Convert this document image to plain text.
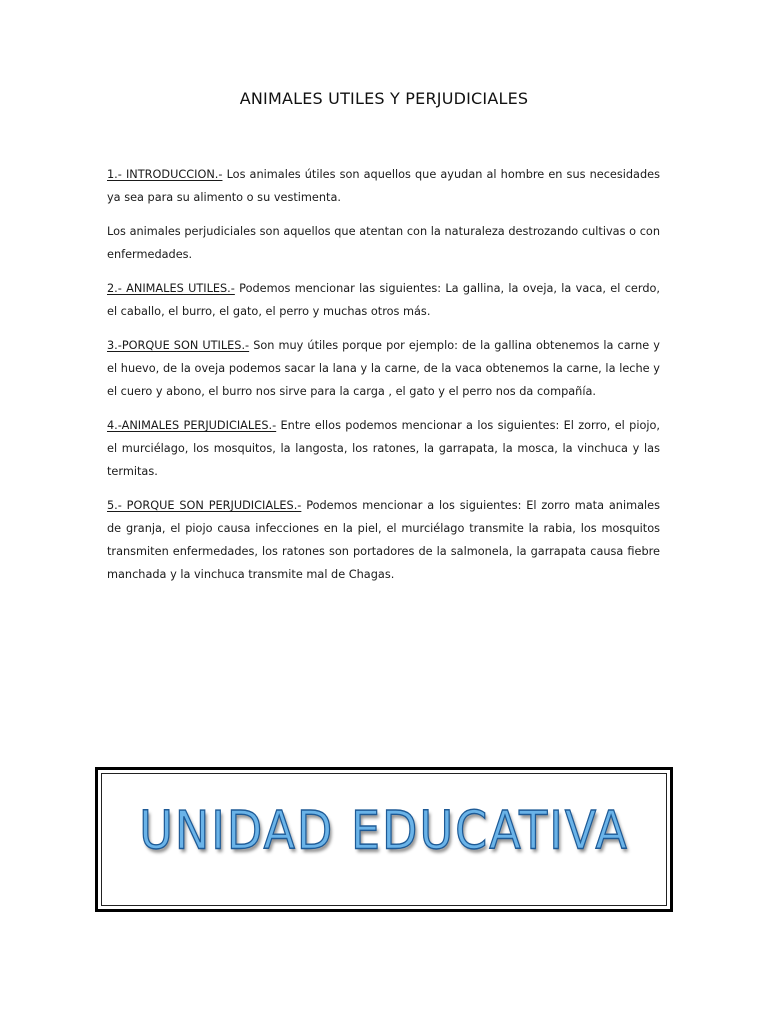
ANIMALES UTILES Y PERJUDICIALES

1.- INTRODUCCION.- Los animales útiles son aquellos que ayudan al hombre en sus necesidades ya sea para su alimento o su vestimenta.

Los animales perjudiciales son aquellos que atentan con la naturaleza destrozando cultivas o con enfermedades.

2.- ANIMALES UTILES.- Podemos mencionar las siguientes: La gallina, la oveja, la vaca, el cerdo, el caballo, el burro, el gato, el perro y muchas otros más.

3.-PORQUE SON UTILES.- Son muy útiles porque por ejemplo: de la gallina obtenemos la carne y el huevo, de la oveja podemos sacar la lana y la carne, de la vaca obtenemos la carne, la leche y el cuero y abono, el burro nos sirve para la carga , el gato y el perro nos da compañía.

4.-ANIMALES PERJUDICIALES.- Entre ellos podemos mencionar a los siguientes: El zorro, el piojo, el murciélago, los mosquitos, la langosta, los ratones, la garrapata, la mosca, la vinchuca y las termitas.

5.- PORQUE SON PERJUDICIALES.- Podemos mencionar a los siguientes: El zorro mata animales de granja, el piojo causa infecciones en la piel, el murciélago transmite la rabia, los mosquitos transmiten enfermedades, los ratones son portadores de la salmonela, la garrapata causa fiebre manchada y la vinchuca transmite mal de Chagas.

UNIDAD EDUCATIVA
